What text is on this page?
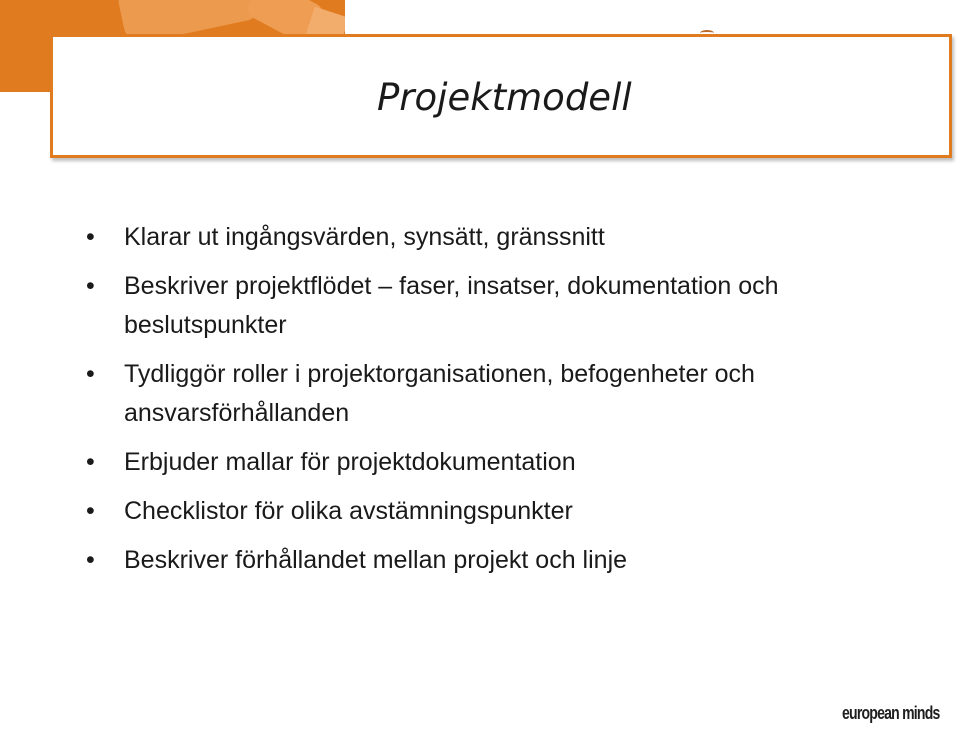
Projektmodell
• Klarar ut ingångsvärden, synsätt, gränssnitt
• Beskriver projektflödet – faser, insatser, dokumentation och beslutspunkter
• Tydliggör roller i projektorganisationen, befogenheter och ansvarsförhållanden
• Erbjuder mallar för projektdokumentation
• Checklistor för olika avstämningspunkter
• Beskriver förhållandet mellan projekt och linje
european minds
